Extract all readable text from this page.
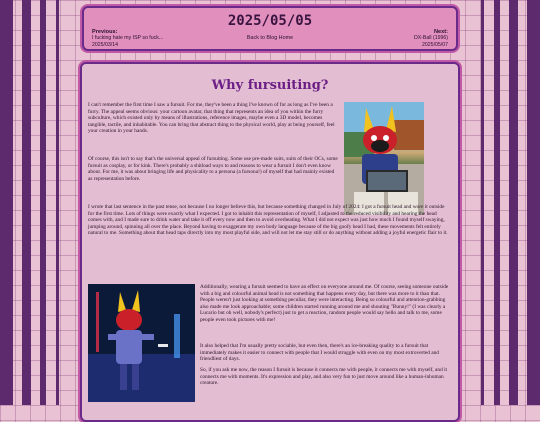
2025/05/05
Previous:
I fucking hate my ISP so fuck...
2025/03/14
Back to Blog Home
Next:
DX-Ball (1996)
2025/05/07
Why fursuiting?

I can't remember the first time I saw a fursuit. For me, they've been a thing I've known of for as long as I've been a furry. The appeal seems obvious: your cartoon avatar, that thing that represents an idea of you within the furry subculture, which existed only by means of illustrations, reference images, maybe even a 3D model, becomes tangible, tactile, and inhabitable. You can bring that abstract thing to the physical world, play at being yourself, feel your creation in your hands.

Of course, this isn't to say that's the universal appeal of fursuiting. Some use pre-made suits, suits of their OCs, some fursuit as cosplay, or for kink. There's probably a shitload ways to and reasons to wear a fursuit I don't even know about. For me, it was about bringing life and physicality to a persona (a fursona!) of myself that had mainly existed as representation before.

I wrote that last sentence in the past tense, not because I no longer believe this, but because something changed in July of 2024: I got a fursuit head and wore it outside for the first time. Lots of things were exactly what I expected. I got to inhabit this representation of myself, I adjusted to the reduced visibility and hearing the head comes with, and I made sure to drink water and take it off every now and then to avoid overheating. What I did not expect was just how much I found myself swaying, jumping around, spinning all over the place. Beyond having to exaggerate my own body language because of the big goofy head I had, these movements felt entirely natural to me. Something about that head taps directly into my most playful side, and will not let me stay still or do anything without adding a joyful energetic flair to it.

Additionally, wearing a fursuit seemed to have an effect on everyone around me. Of course, seeing someone outside with a big and colourful animal head is not something that happens every day, but there was more to it than that. People weren't just looking at something peculiar, they were interacting. Being so colourful and attention-grabbing also made me look approachable; some children started running around me and shouting "Bunny!" (I was clearly a Lucario but oh well, nobody's perfect) just to get a reaction, random people would say hello and talk to me, some people even took pictures with me!

It also helped that I'm usually pretty sociable, but even then, there's an ice-breaking quality to a fursuit that immediately makes it easier to connect with people that I would struggle with even on my most extroverted and friendliest of days.

So, if you ask me now, the reason I fursuit is because it connects me with people, it connects me with myself, and it connects me with moments. It's expression and play, and also very fun to just move around like a human-inhuman creature.
